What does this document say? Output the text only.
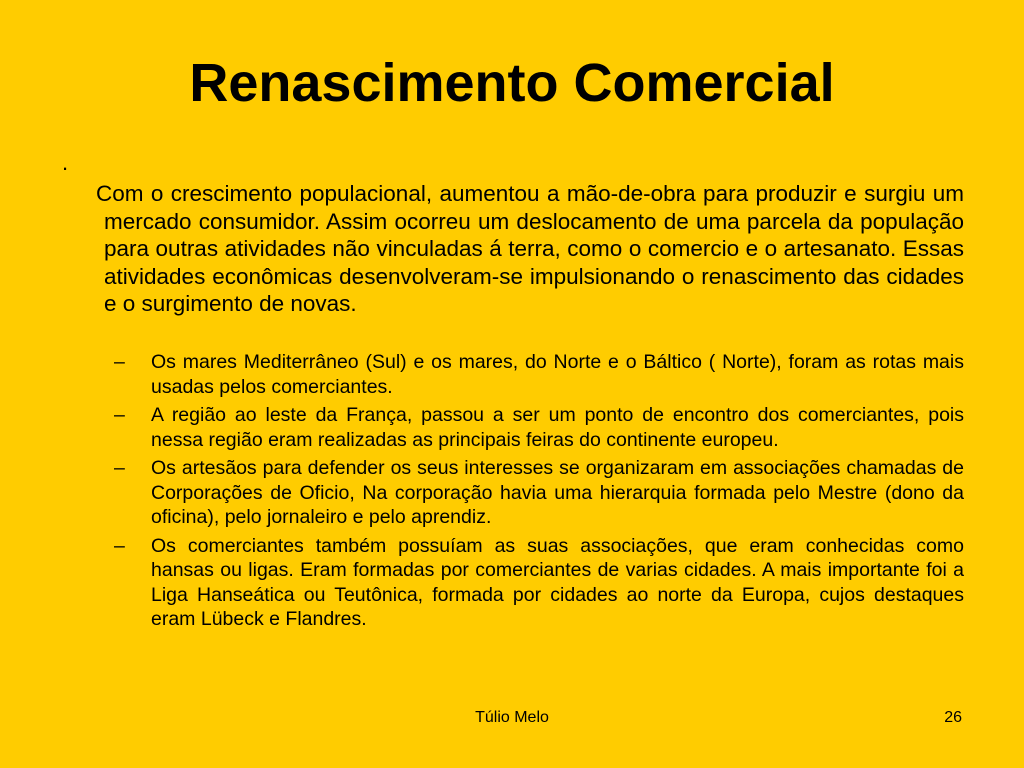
Renascimento Comercial
.

Com o crescimento populacional, aumentou a mão-de-obra para produzir e surgiu um mercado consumidor. Assim ocorreu um deslocamento de uma parcela da população para outras atividades não vinculadas á terra, como o comercio e o artesanato. Essas atividades econômicas desenvolveram-se impulsionando o renascimento das cidades e o surgimento de novas.

– Os mares Mediterrâneo (Sul) e os mares, do Norte e o Báltico ( Norte), foram as rotas mais usadas pelos comerciantes.
– A região ao leste da França, passou a ser um ponto de encontro dos comerciantes, pois nessa região eram realizadas as principais feiras do continente europeu.
– Os artesãos para defender os seus interesses se organizaram em associações chamadas de Corporações de Oficio, Na corporação havia uma hierarquia formada pelo Mestre (dono da oficina), pelo jornaleiro e pelo aprendiz.
– Os comerciantes também possuíam as suas associações, que eram conhecidas como hansas ou ligas. Eram formadas por comerciantes de varias cidades. A mais importante foi a Liga Hanseática ou Teutônica, formada por cidades ao norte da Europa, cujos destaques eram Lübeck e Flandres.
Túlio Melo	26
